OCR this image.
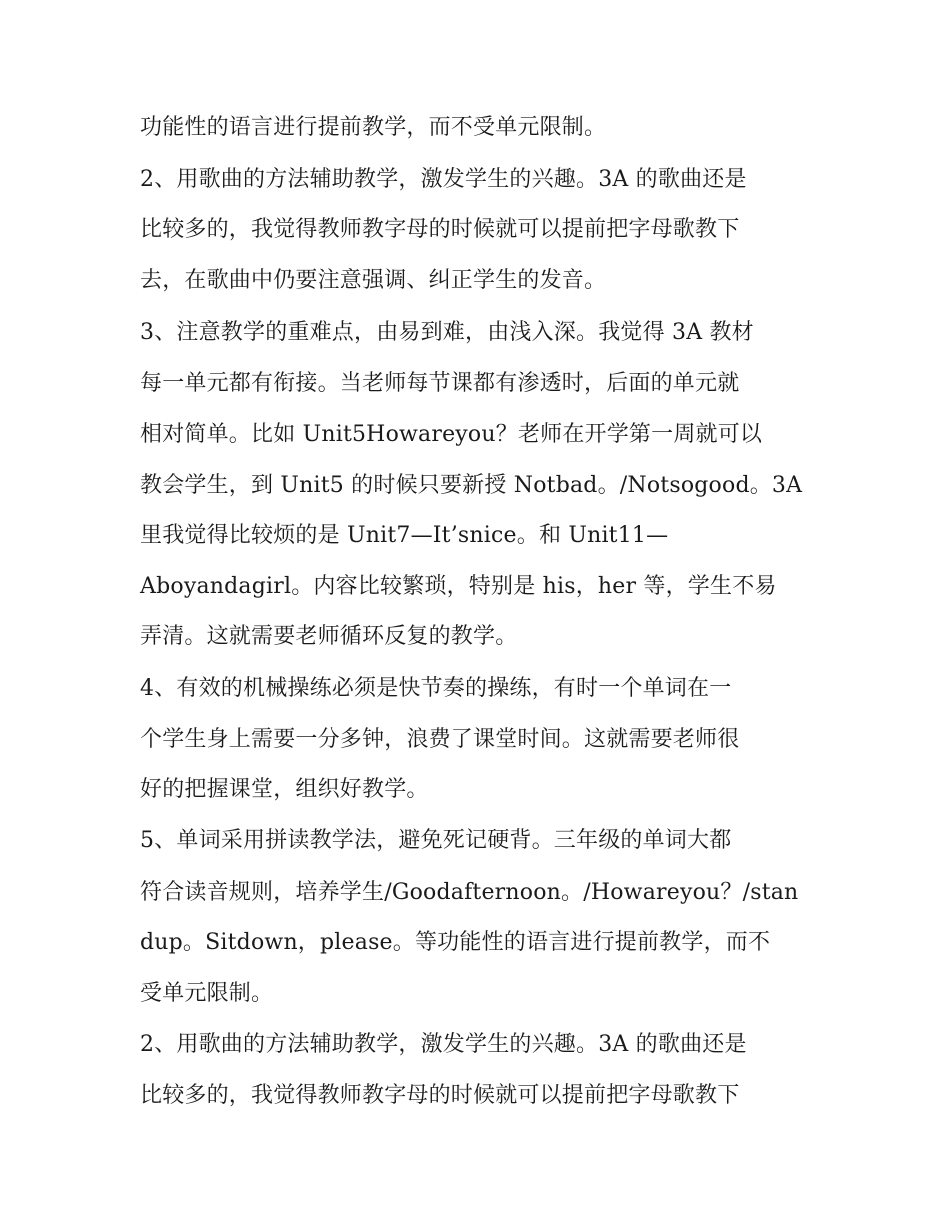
功能性的语言进行提前教学，而不受单元限制。
2、用歌曲的方法辅助教学，激发学生的兴趣。3A 的歌曲还是
比较多的，我觉得教师教字母的时候就可以提前把字母歌教下
去，在歌曲中仍要注意强调、纠正学生的发音。
3、注意教学的重难点，由易到难，由浅入深。我觉得 3A 教材
每一单元都有衔接。当老师每节课都有渗透时，后面的单元就
相对简单。比如 Unit5Howareyou？老师在开学第一周就可以
教会学生，到 Unit5 的时候只要新授 Notbad。/Notsogood。3A
里我觉得比较烦的是 Unit7—It’snice。和 Unit11—
Aboyandagirl。内容比较繁琐，特别是 his，her 等，学生不易
弄清。这就需要老师循环反复的教学。
4、有效的机械操练必须是快节奏的操练，有时一个单词在一
个学生身上需要一分多钟，浪费了课堂时间。这就需要老师很
好的把握课堂，组织好教学。
5、单词采用拼读教学法，避免死记硬背。三年级的单词大都
符合读音规则，培养学生/Goodafternoon。/Howareyou？/stan
dup。Sitdown，please。等功能性的语言进行提前教学，而不
受单元限制。
2、用歌曲的方法辅助教学，激发学生的兴趣。3A 的歌曲还是
比较多的，我觉得教师教字母的时候就可以提前把字母歌教下
